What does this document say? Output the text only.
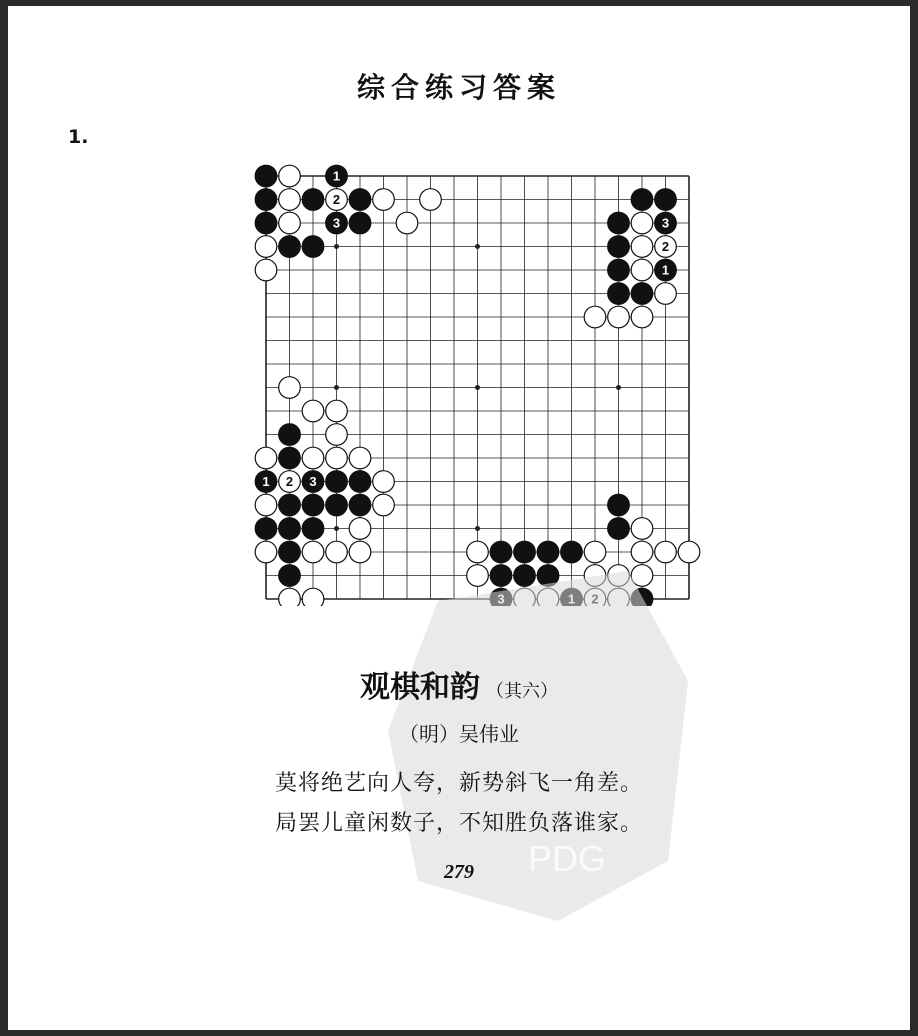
综合练习答案
1.
1
2
3
1
2
3
1 2 3
PDG
观棋和韵 （其六）
（明）吴伟业
莫将绝艺向人夸，新势斜飞一角差。
局罢儿童闲数子，不知胜负落谁家。
279
